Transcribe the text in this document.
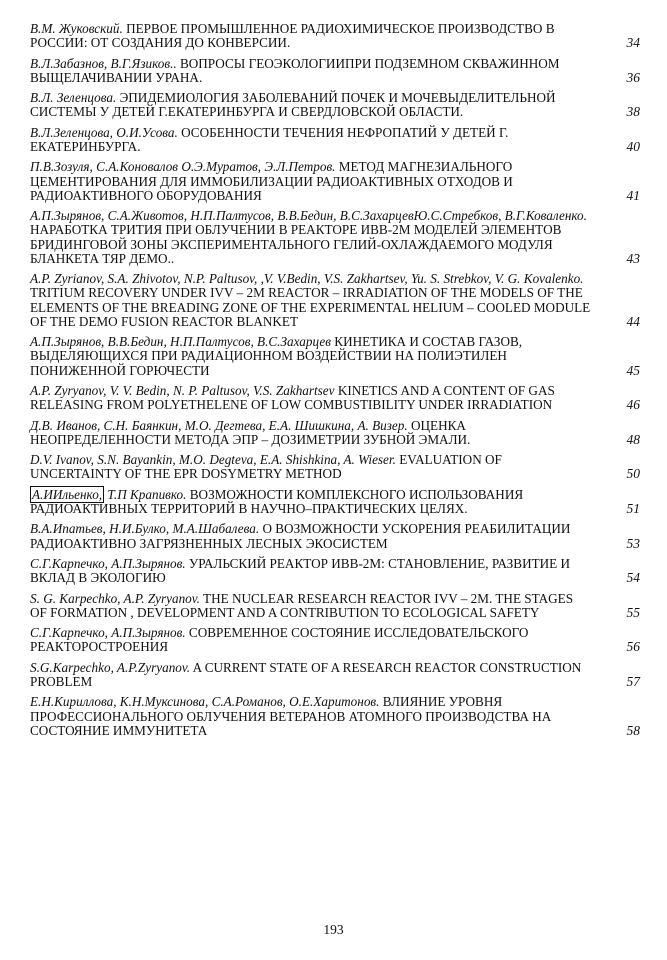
В.М. Жуковский. ПЕРВОЕ ПРОМЫШЛЕННОЕ РАДИОХИМИЧЕСКОЕ ПРОИЗВОДСТВО В РОССИИ: ОТ СОЗДАНИЯ ДО КОНВЕРСИИ.	34
В.Л.Забазнов, В.Г.Язиков.. ВОПРОСЫ ГЕОЭКОЛОГИИПРИ ПОДЗЕМНОМ СКВАЖИННОМ ВЫЩЕЛАЧИВАНИИ УРАНА.	36
В.Л. Зеленцова. ЭПИДЕМИОЛОГИЯ ЗАБОЛЕВАНИЙ ПОЧЕК И МОЧЕВЫДЕЛИТЕЛЬНОЙ СИСТЕМЫ У ДЕТЕЙ Г.ЕКАТЕРИНБУРГА И СВЕРДЛОВСКОЙ ОБЛАСТИ.	38
В.Л.Зеленцова, О.И.Усова. ОСОБЕННОСТИ ТЕЧЕНИЯ НЕФРОПАТИЙ У ДЕТЕЙ Г. ЕКАТЕРИНБУРГА.	40
П.В.Зозуля, С.А.Коновалов О.Э.Муратов, Э.Л.Петров. МЕТОД МАГНЕЗИАЛЬНОГО ЦЕМЕНТИРОВАНИЯ ДЛЯ ИММОБИЛИЗАЦИИ РАДИОАКТИВНЫХ ОТХОДОВ И РАДИОАКТИВНОГО ОБОРУДОВАНИЯ	41
А.П.Зырянов, С.А.Животов, Н.П.Палтусов, В.В.Бедин, В.С.ЗахарцевЮ.С.Стребков, В.Г.Коваленко. НАРАБОТКА ТРИТИЯ ПРИ ОБЛУЧЕНИИ В РЕАКТОРЕ ИВВ-2М МОДЕЛЕЙ ЭЛЕМЕНТОВ БРИДИНГОВОЙ ЗОНЫ ЭКСПЕРИМЕНТАЛЬНОГО ГЕЛИЙ-ОХЛАЖДАЕМОГО МОДУЛЯ БЛАНКЕТА ТЯР ДЕМО..	43
A.P. Zyrianov, S.A. Zhivotov, N.P. Paltusov, ,V. V.Bedin, V.S. Zakhartsev, Yu. S. Strebkov, V. G. Kovalenko. TRITIUM RECOVERY UNDER IVV – 2M REACTOR – IRRADIATION OF THE MODELS OF THE ELEMENTS OF THE BREADING ZONE OF THE EXPERIMENTAL HELIUM – COOLED MODULE OF THE DEMO FUSION REACTOR BLANKET	44
А.П.Зырянов, В.В.Бедин, Н.П.Палтусов, В.С.Захарцев КИНЕТИКА И СОСТАВ ГАЗОВ, ВЫДЕЛЯЮЩИХСЯ ПРИ РАДИАЦИОННОМ ВОЗДЕЙСТВИИ НА ПОЛИЭТИЛЕН ПОНИЖЕННОЙ ГОРЮЧЕСТИ	45
A.P. Zyryanov, V. V. Bedin, N. P. Paltusov, V.S. Zakhartsev KINETICS AND A CONTENT OF GAS RELEASING FROM POLYETHELENE OF LOW COMBUSTIBILITY UNDER IRRADIATION	46
Д.В. Иванов, С.Н. Баянкин, М.О. Дегтева, Е.А. Шишкина, А. Визер. ОЦЕНКА НЕОПРЕДЕЛЕННОСТИ МЕТОДА ЭПР – ДОЗИМЕТРИИ ЗУБНОЙ ЭМАЛИ.	48
D.V. Ivanov, S.N. Bayankin, M.O. Degteva, E.A. Shishkina, A. Wieser. EVALUATION OF UNCERTAINTY OF THE EPR DOSYMETRY METHOD	50
А.ИИльенко, Т.П Крапивко. ВОЗМОЖНОСТИ КОМПЛЕКСНОГО ИСПОЛЬЗОВАНИЯ РАДИОАКТИВНЫХ ТЕРРИТОРИЙ В НАУЧНО–ПРАКТИЧЕСКИХ ЦЕЛЯХ.	51
В.А.Ипатьев, Н.И.Булко, М.А.Шабалева. О ВОЗМОЖНОСТИ УСКОРЕНИЯ РЕАБИЛИТАЦИИ РАДИОАКТИВНО ЗАГРЯЗНЕННЫХ ЛЕСНЫХ ЭКОСИСТЕМ	53
С.Г.Карпечко, А.П.Зырянов. УРАЛЬСКИЙ РЕАКТОР ИВВ-2М: СТАНОВЛЕНИЕ, РАЗВИТИЕ И ВКЛАД В ЭКОЛОГИЮ	54
S. G. Karpechko, A.P. Zyryanov. THE NUCLEAR RESEARCH REACTOR IVV – 2M. THE STAGES OF FORMATION , DEVELOPMENT AND A CONTRIBUTION TO ECOLOGICAL SAFETY	55
С.Г.Карпечко, А.П.Зырянов. СОВРЕМЕННОЕ СОСТОЯНИЕ ИССЛЕДОВАТЕЛЬСКОГО РЕАКТОРОСТРОЕНИЯ	56
S.G.Karpechko, A.P.Zyryanov. A CURRENT STATE OF A RESEARCH REACTOR CONSTRUCTION PROBLEM	57
Е.Н.Кириллова, К.Н.Муксинова, С.А.Романов, О.Е.Харитонов. ВЛИЯНИЕ УРОВНЯ ПРОФЕССИОНАЛЬНОГО ОБЛУЧЕНИЯ ВЕТЕРАНОВ АТОМНОГО ПРОИЗВОДСТВА НА СОСТОЯНИЕ ИММУНИТЕТА	58
193
